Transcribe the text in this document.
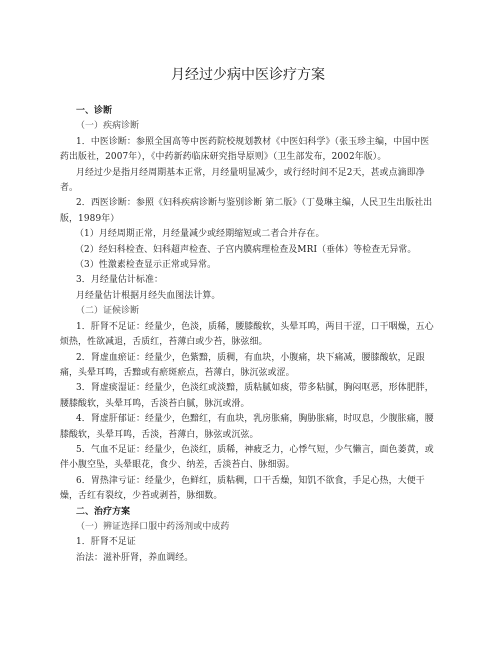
月经过少病中医诊疗方案

一、诊断

（一）疾病诊断

1．中医诊断：参照全国高等中医药院校规划教材《中医妇科学》（张玉珍主编，中国中医药出版社，2007年），《中药新药临床研究指导原则》（卫生部发布，2002年版）。

月经过少是指月经周期基本正常，月经量明显减少，或行经时间不足2天，甚或点滴即净者。

2．西医诊断：参照《妇科疾病诊断与鉴别诊断 第二版》（丁曼琳主编，人民卫生出版社出版，1989年）

（1）月经周期正常，月经量减少或经期缩短或二者合并存在。

（2）经妇科检查、妇科超声检查、子宫内膜病理检查及MRI（垂体）等检查无异常。

（3）性激素检查显示正常或异常。

3．月经量估计标准：

月经量估计根据月经失血图法计算。

（二）证候诊断

1．肝肾不足证：经量少，色淡，质稀，腰膝酸软，头晕耳鸣，两目干涩，口干咽燥，五心烦热，性欲减退，舌质红，苔薄白或少苔，脉弦细。

2．肾虚血瘀证：经量少，色紫黯，质稠，有血块，小腹痛，块下痛减，腰膝酸软，足跟痛，头晕耳鸣，舌黯或有瘀斑瘀点，苔薄白，脉沉弦或涩。

3．肾虚痰湿证：经量少，色淡红或淡黯，质粘腻如痰，带多粘腻，胸闷呕恶，形体肥胖，腰膝酸软，头晕耳鸣，舌淡苔白腻，脉沉或滑。

4．肾虚肝郁证：经量少，色黯红，有血块，乳房胀痛，胸胁胀痛，时叹息，少腹胀痛，腰膝酸软，头晕耳鸣，舌淡，苔薄白，脉弦或沉弦。

5．气血不足证：经量少，色淡红，质稀，神疲乏力，心悸气短，少气懒言，面色萎黄，或伴小腹空坠，头晕眼花，食少、纳差，舌淡苔白、脉细弱。

6．胃热津亏证：经量少，色鲜红，质粘稠，口干舌燥，知饥不欲食，手足心热，大便干燥，舌红有裂纹，少苔或剥苔，脉细数。

二、治疗方案

（一）辨证选择口服中药汤剂或中成药

1．肝肾不足证

治法：滋补肝肾，养血调经。
